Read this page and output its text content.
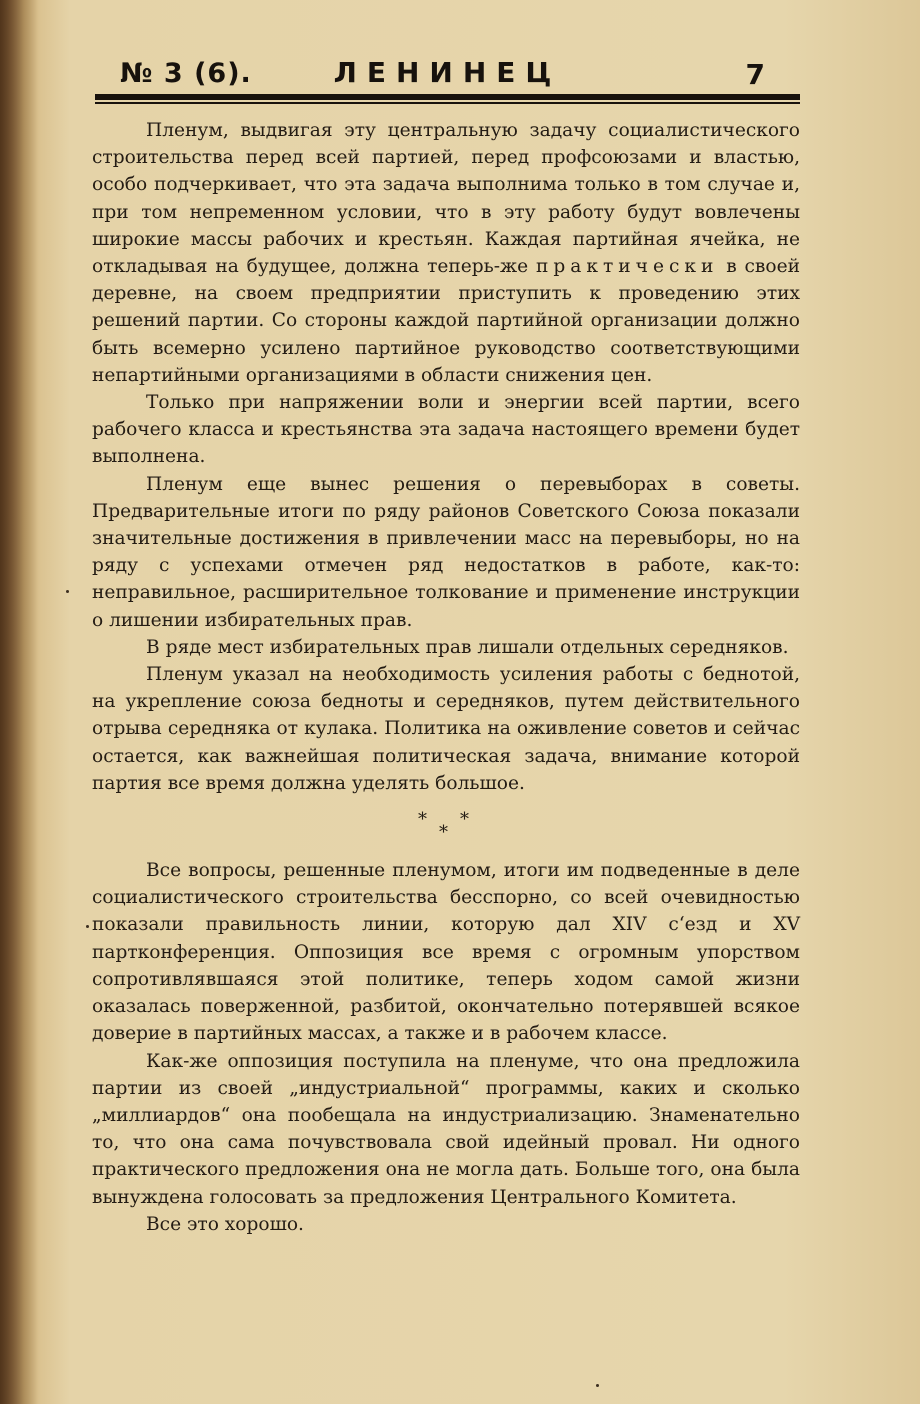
№ 3 (6).	ЛЕНИНЕЦ	7

Пленум, выдвигая эту центральную задачу социалистического строительства перед всей партией, перед профсоюзами и властью, особо подчеркивает, что эта задача выполнима только в том случае и, при том непременном условии, что в эту работу будут вовлечены широкие массы рабочих и крестьян. Каждая партийная ячейка, не откладывая на будущее, должна теперь-же практически в своей деревне, на своем предприятии приступить к проведению этих решений партии. Со стороны каждой партийной организации должно быть всемерно усилено партийное руководство соответствующими непартийными организациями в области снижения цен.

Только при напряжении воли и энергии всей партии, всего рабочего класса и крестьянства эта задача настоящего времени будет выполнена.

Пленум еще вынес решения о перевыборах в советы. Предварительные итоги по ряду районов Советского Союза показали значительные достижения в привлечении масс на перевыборы, но на ряду с успехами отмечен ряд недостатков в работе, как-то: неправильное, расширительное толкование и применение инструкции о лишении избирательных прав.

В ряде мест избирательных прав лишали отдельных середняков.

Пленум указал на необходимость усиления работы с беднотой, на укрепление союза бедноты и середняков, путем действительного отрыва середняка от кулака. Политика на оживление советов и сейчас остается, как важнейшая политическая задача, внимание которой партия все время должна уделять большое.

* *
*

Все вопросы, решенные пленумом, итоги им подведенные в деле социалистического строительства бесспорно, со всей очевидностью показали правильность линии, которую дал XIV сʻезд и XV партконференция. Оппозиция все время с огромным упорством сопротивлявшаяся этой политике, теперь ходом самой жизни оказалась поверженной, разбитой, окончательно потерявшей всякое доверие в партийных массах, а также и в рабочем классе.

Как-же оппозиция поступила на пленуме, что она предложила партии из своей „индустриальной“ программы, каких и сколько „миллиардов“ она пообещала на индустриализацию. Знаменательно то, что она сама почувствовала свой идейный провал. Ни одного практического предложения она не могла дать. Больше того, она была вынуждена голосовать за предложения Центрального Комитета.

Все это хорошо.
